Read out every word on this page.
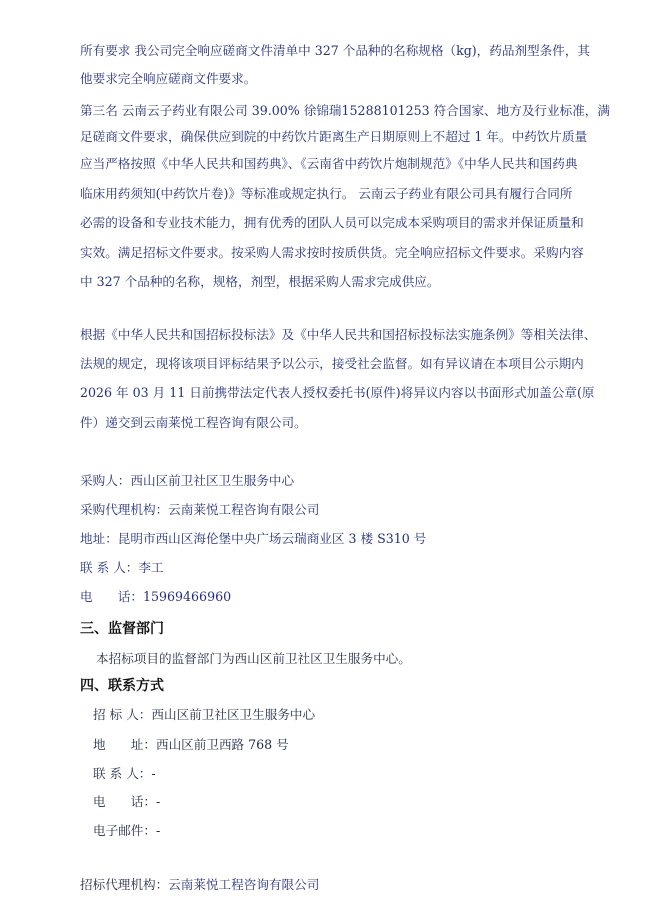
所有要求 我公司完全响应磋商文件清单中 327 个品种的名称规格（kg)，药品剂型条件，其
他要求完全响应磋商文件要求。
第三名 云南云子药业有限公司 39.00% 徐锦瑞15288101253 符合国家、地方及行业标准，满
足磋商文件要求，确保供应到院的中药饮片距离生产日期原则上不超过 1 年。中药饮片质量
应当严格按照《中华人民共和国药典》、《云南省中药饮片炮制规范》《中华人民共和国药典
临床用药须知(中药饮片卷)》等标准或规定执行。 云南云子药业有限公司具有履行合同所
必需的设备和专业技术能力，拥有优秀的团队人员可以完成本采购项目的需求并保证质量和
实效。满足招标文件要求。按采购人需求按时按质供货。完全响应招标文件要求。采购内容
中 327 个品种的名称，规格，剂型，根据采购人需求完成供应。
根据《中华人民共和国招标投标法》及《中华人民共和国招标投标法实施条例》等相关法律、
法规的规定，现将该项目评标结果予以公示，接受社会监督。如有异议请在本项目公示期内
2026 年 03 月 11 日前携带法定代表人授权委托书(原件)将异议内容以书面形式加盖公章(原
件）递交到云南莱悦工程咨询有限公司。
采购人：西山区前卫社区卫生服务中心
采购代理机构：云南莱悦工程咨询有限公司
地址：昆明市西山区海伦堡中央广场云瑞商业区 3 楼 S310 号
联 系 人：李工
电　　话：15969466960
三、监督部门
本招标项目的监督部门为西山区前卫社区卫生服务中心。
四、联系方式
招 标 人：西山区前卫社区卫生服务中心
地　　址：西山区前卫西路 768 号
联 系 人：-
电　　话：-
电子邮件：-
招标代理机构：云南莱悦工程咨询有限公司
